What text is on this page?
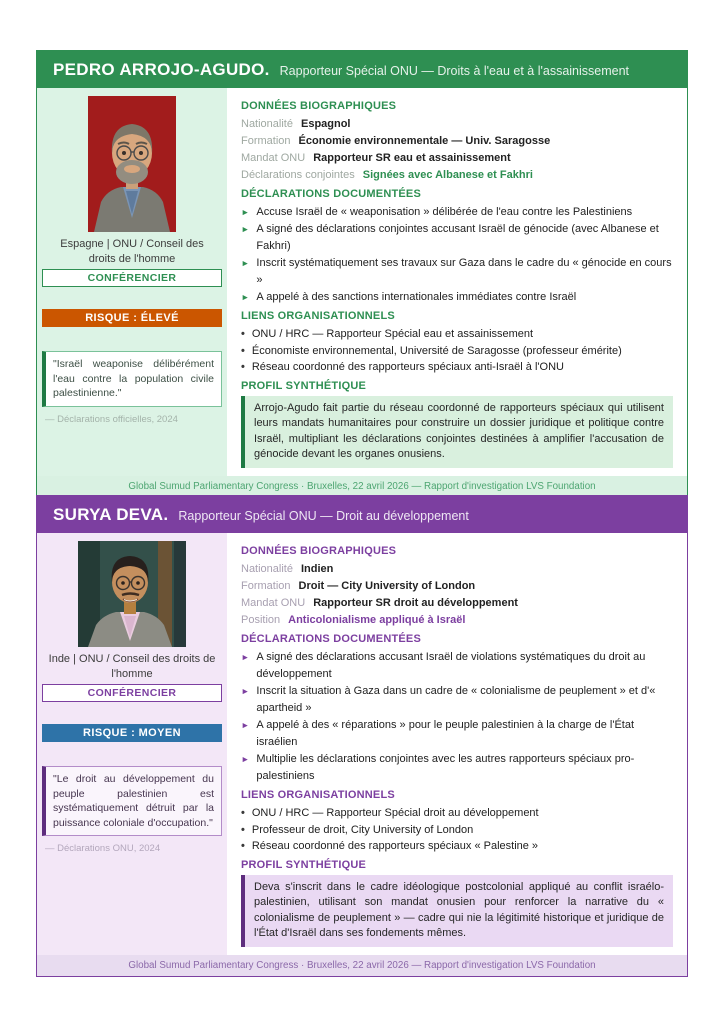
PEDRO ARROJO-AGUDO. Rapporteur Spécial ONU — Droits à l'eau et à l'assainissement
Espagne | ONU / Conseil des droits de l'homme
CONFÉRENCIER
RISQUE : ÉLEVÉ
"Israël weaponise délibérément l'eau contre la population civile palestinienne."
— Déclarations officielles, 2024
DONNÉES BIOGRAPHIQUES
Nationalité Espagnol
Formation Économie environnementale — Univ. Saragosse
Mandat ONU Rapporteur SR eau et assainissement
Déclarations conjointes Signées avec Albanese et Fakhri
DÉCLARATIONS DOCUMENTÉES
► Accuse Israël de « weaponisation » délibérée de l'eau contre les Palestiniens
► A signé des déclarations conjointes accusant Israël de génocide (avec Albanese et Fakhri)
► Inscrit systématiquement ses travaux sur Gaza dans le cadre du « génocide en cours »
► A appelé à des sanctions internationales immédiates contre Israël
LIENS ORGANISATIONNELS
• ONU / HRC — Rapporteur Spécial eau et assainissement
• Économiste environnemental, Université de Saragosse (professeur émérite)
• Réseau coordonné des rapporteurs spéciaux anti-Israël à l'ONU
PROFIL SYNTHÉTIQUE
Arrojo-Agudo fait partie du réseau coordonné de rapporteurs spéciaux qui utilisent leurs mandats humanitaires pour construire un dossier juridique et politique contre Israël, multipliant les déclarations conjointes destinées à amplifier l'accusation de génocide devant les organes onusiens.
Global Sumud Parliamentary Congress · Bruxelles, 22 avril 2026 — Rapport d'investigation LVS Foundation
SURYA DEVA. Rapporteur Spécial ONU — Droit au développement
Inde | ONU / Conseil des droits de l'homme
CONFÉRENCIER
RISQUE : MOYEN
"Le droit au développement du peuple palestinien est systématiquement détruit par la puissance coloniale d'occupation."
— Déclarations ONU, 2024
DONNÉES BIOGRAPHIQUES
Nationalité Indien
Formation Droit — City University of London
Mandat ONU Rapporteur SR droit au développement
Position Anticolonialisme appliqué à Israël
DÉCLARATIONS DOCUMENTÉES
► A signé des déclarations accusant Israël de violations systématiques du droit au développement
► Inscrit la situation à Gaza dans un cadre de « colonialisme de peuplement » et d'« apartheid »
► A appelé à des « réparations » pour le peuple palestinien à la charge de l'État israélien
► Multiplie les déclarations conjointes avec les autres rapporteurs spéciaux pro-palestiniens
LIENS ORGANISATIONNELS
• ONU / HRC — Rapporteur Spécial droit au développement
• Professeur de droit, City University of London
• Réseau coordonné des rapporteurs spéciaux « Palestine »
PROFIL SYNTHÉTIQUE
Deva s'inscrit dans le cadre idéologique postcolonial appliqué au conflit israélo-palestinien, utilisant son mandat onusien pour renforcer la narrative du « colonialisme de peuplement » — cadre qui nie la légitimité historique et juridique de l'État d'Israël dans ses fondements mêmes.
Global Sumud Parliamentary Congress · Bruxelles, 22 avril 2026 — Rapport d'investigation LVS Foundation
